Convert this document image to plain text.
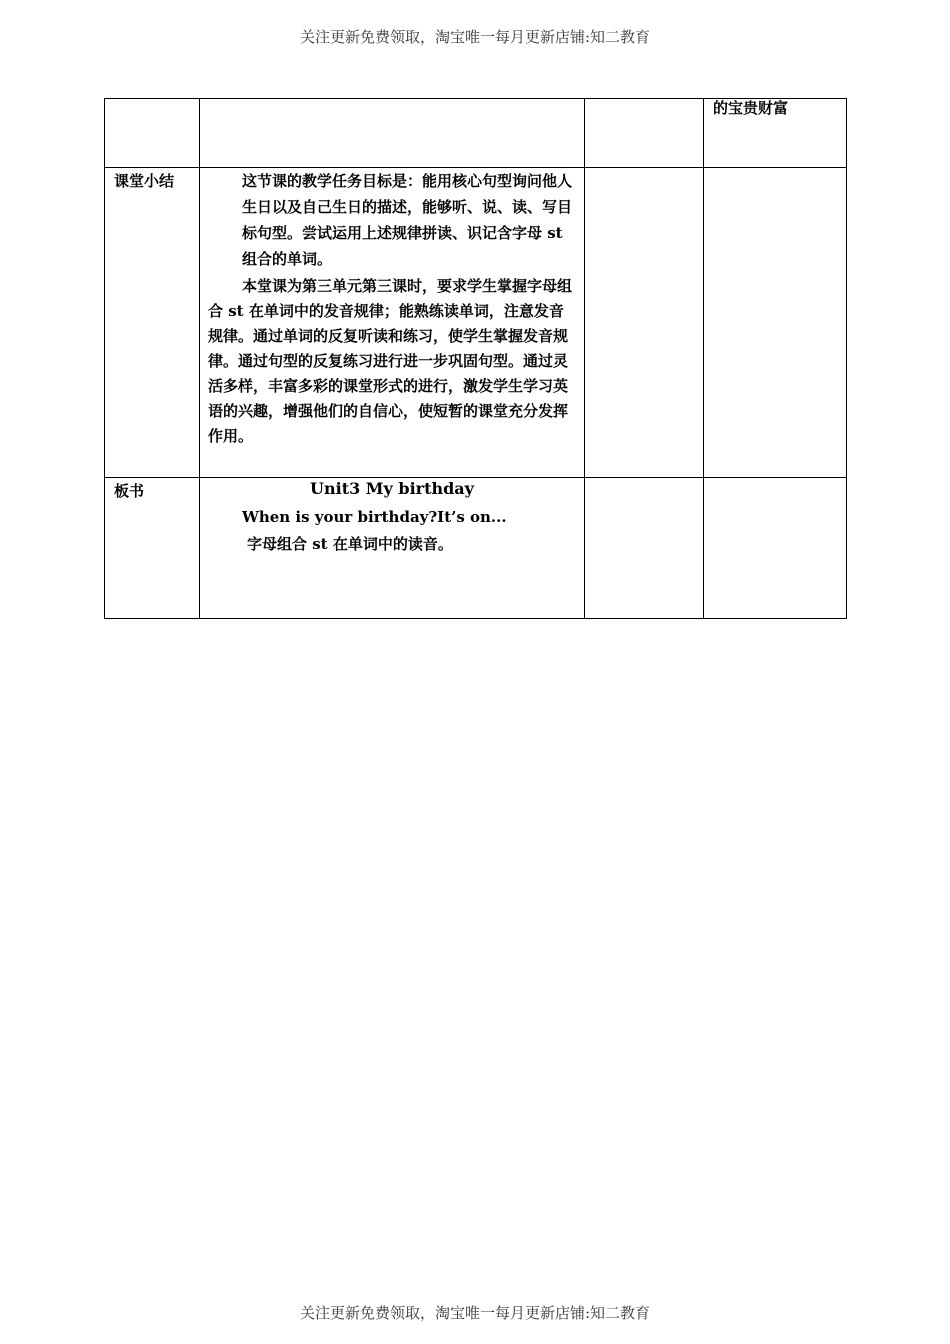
关注更新免费领取，淘宝唯一每月更新店铺:知二教育
			的宝贵财富
课堂小结	这节课的教学任务目标是：能用核心句型询问他人生日以及自己生日的描述，能够听、说、读、写目标句型。尝试运用上述规律拼读、识记含字母 st 组合的单词。
本堂课为第三单元第三课时，要求学生掌握字母组合 st 在单词中的发音规律；能熟练读单词，注意发音规律。通过单词的反复听读和练习，使学生掌握发音规律。通过句型的反复练习进行进一步巩固句型。通过灵活多样，丰富多彩的课堂形式的进行，激发学生学习英语的兴趣，增强他们的自信心，使短暂的课堂充分发挥作用。		

板书	Unit3 My birthday
When is your birthday?It’s on...
字母组合 st 在单词中的读音。		

关注更新免费领取，淘宝唯一每月更新店铺:知二教育
